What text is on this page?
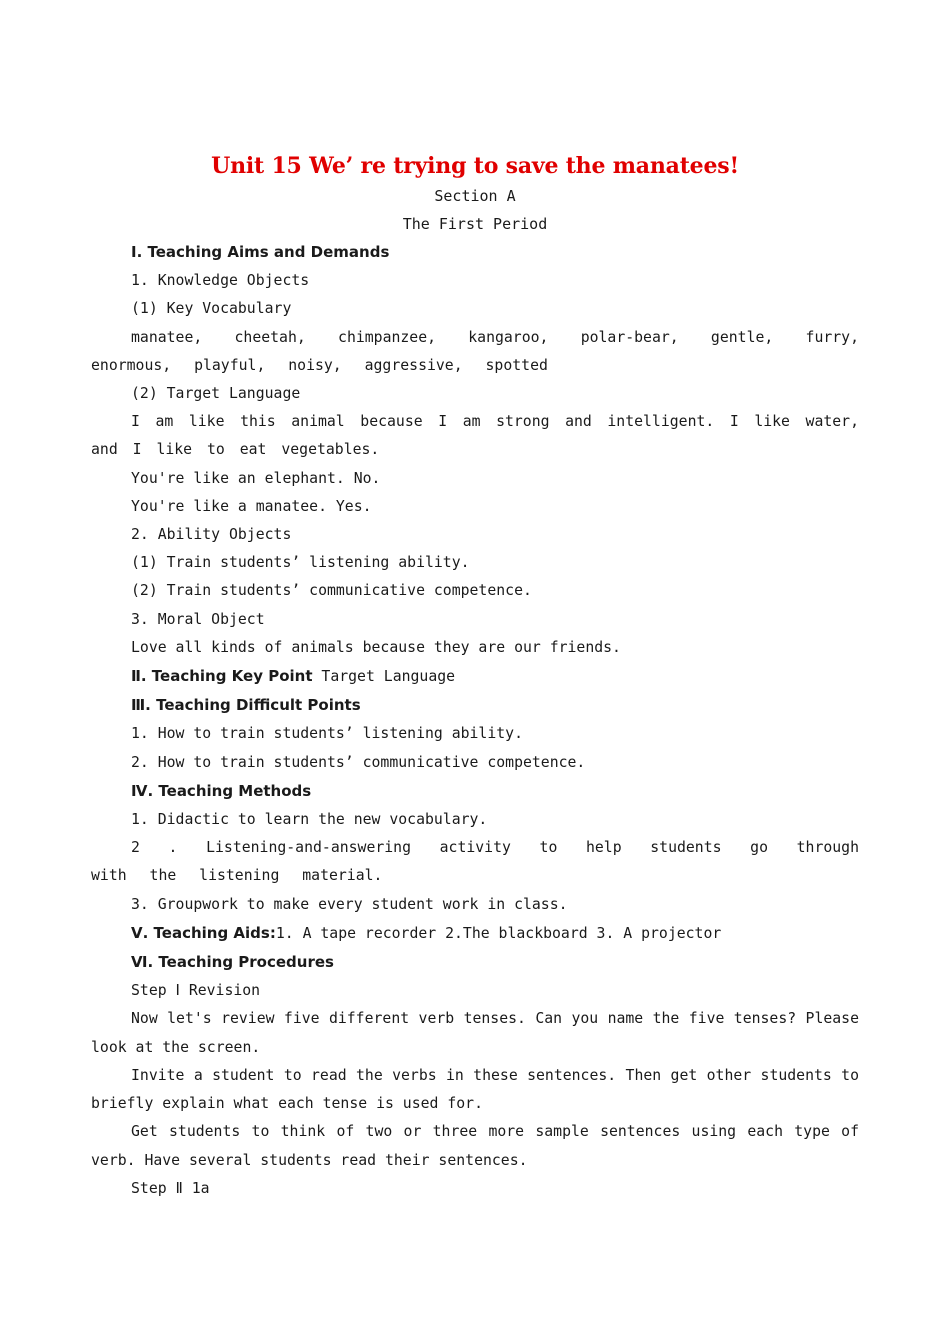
Unit 15 We’ re trying to save the manatees!
Section A
The First Period

Ⅰ. Teaching Aims and Demands

1. Knowledge Objects

(1) Key Vocabulary

manatee, cheetah, chimpanzee, kangaroo, polar-bear, gentle, furry, enormous, playful, noisy, aggressive, spotted

(2) Target Language

I am like this animal because I am strong and intelligent. I like water, and I like to eat vegetables.

You're like an elephant. No.

You're like a manatee. Yes.

2. Ability Objects

(1) Train students’ listening ability.

(2) Train students’ communicative competence.

3. Moral Object

Love all kinds of animals because they are our friends.

Ⅱ. Teaching Key Point Target Language

Ⅲ. Teaching Difficult Points

1. How to train students’ listening ability.

2. How to train students’ communicative competence.

Ⅳ. Teaching Methods

1. Didactic to learn the new vocabulary.

2 . Listening-and-answering activity to help students go through with the listening material.

3. Groupwork to make every student work in class.

Ⅴ. Teaching Aids:1. A tape recorder 2.The blackboard 3. A projector

Ⅵ. Teaching Procedures

Step Ⅰ Revision

Now let's review five different verb tenses. Can you name the five tenses? Please look at the screen.

Invite a student to read the verbs in these sentences. Then get other students to briefly explain what each tense is used for.

Get students to think of two or three more sample sentences using each type of verb. Have several students read their sentences.

Step Ⅱ 1a
